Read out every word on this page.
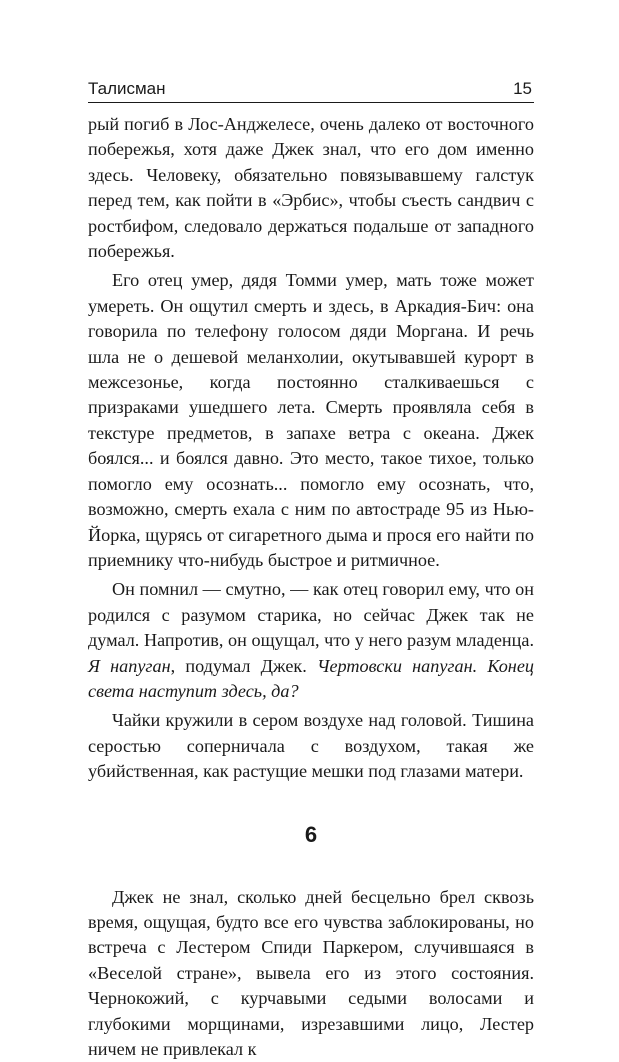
Талисман	15

рый погиб в Лос-Анджелесе, очень далеко от восточного побережья, хотя даже Джек знал, что его дом именно здесь. Человеку, обязательно повязывавшему галстук перед тем, как пойти в «Эрбис», чтобы съесть сандвич с ростбифом, следовало держаться подальше от западного побережья.

Его отец умер, дядя Томми умер, мать тоже может умереть. Он ощутил смерть и здесь, в Аркадия-Бич: она говорила по телефону голосом дяди Моргана. И речь шла не о дешевой меланхолии, окутывавшей курорт в межсезонье, когда постоянно сталкиваешься с призраками ушедшего лета. Смерть проявляла себя в текстуре предметов, в запахе ветра с океана. Джек боялся... и боялся давно. Это место, такое тихое, только помогло ему осознать... помогло ему осознать, что, возможно, смерть ехала с ним по автостраде 95 из Нью-Йорка, щурясь от сигаретного дыма и прося его найти по приемнику что-нибудь быстрое и ритмичное.

Он помнил — смутно, — как отец говорил ему, что он родился с разумом старика, но сейчас Джек так не думал. Напротив, он ощущал, что у него разум младенца. Я напуган, подумал Джек. Чертовски напуган. Конец света наступит здесь, да?

Чайки кружили в сером воздухе над головой. Тишина серостью соперничала с воздухом, такая же убийственная, как растущие мешки под глазами матери.

6

Джек не знал, сколько дней бесцельно брел сквозь время, ощущая, будто все его чувства заблокированы, но встреча с Лестером Спиди Паркером, случившаяся в «Веселой стране», вывела его из этого состояния. Чернокожий, с курчавыми седыми волосами и глубокими морщинами, изрезавшими лицо, Лестер ничем не привлекал к
